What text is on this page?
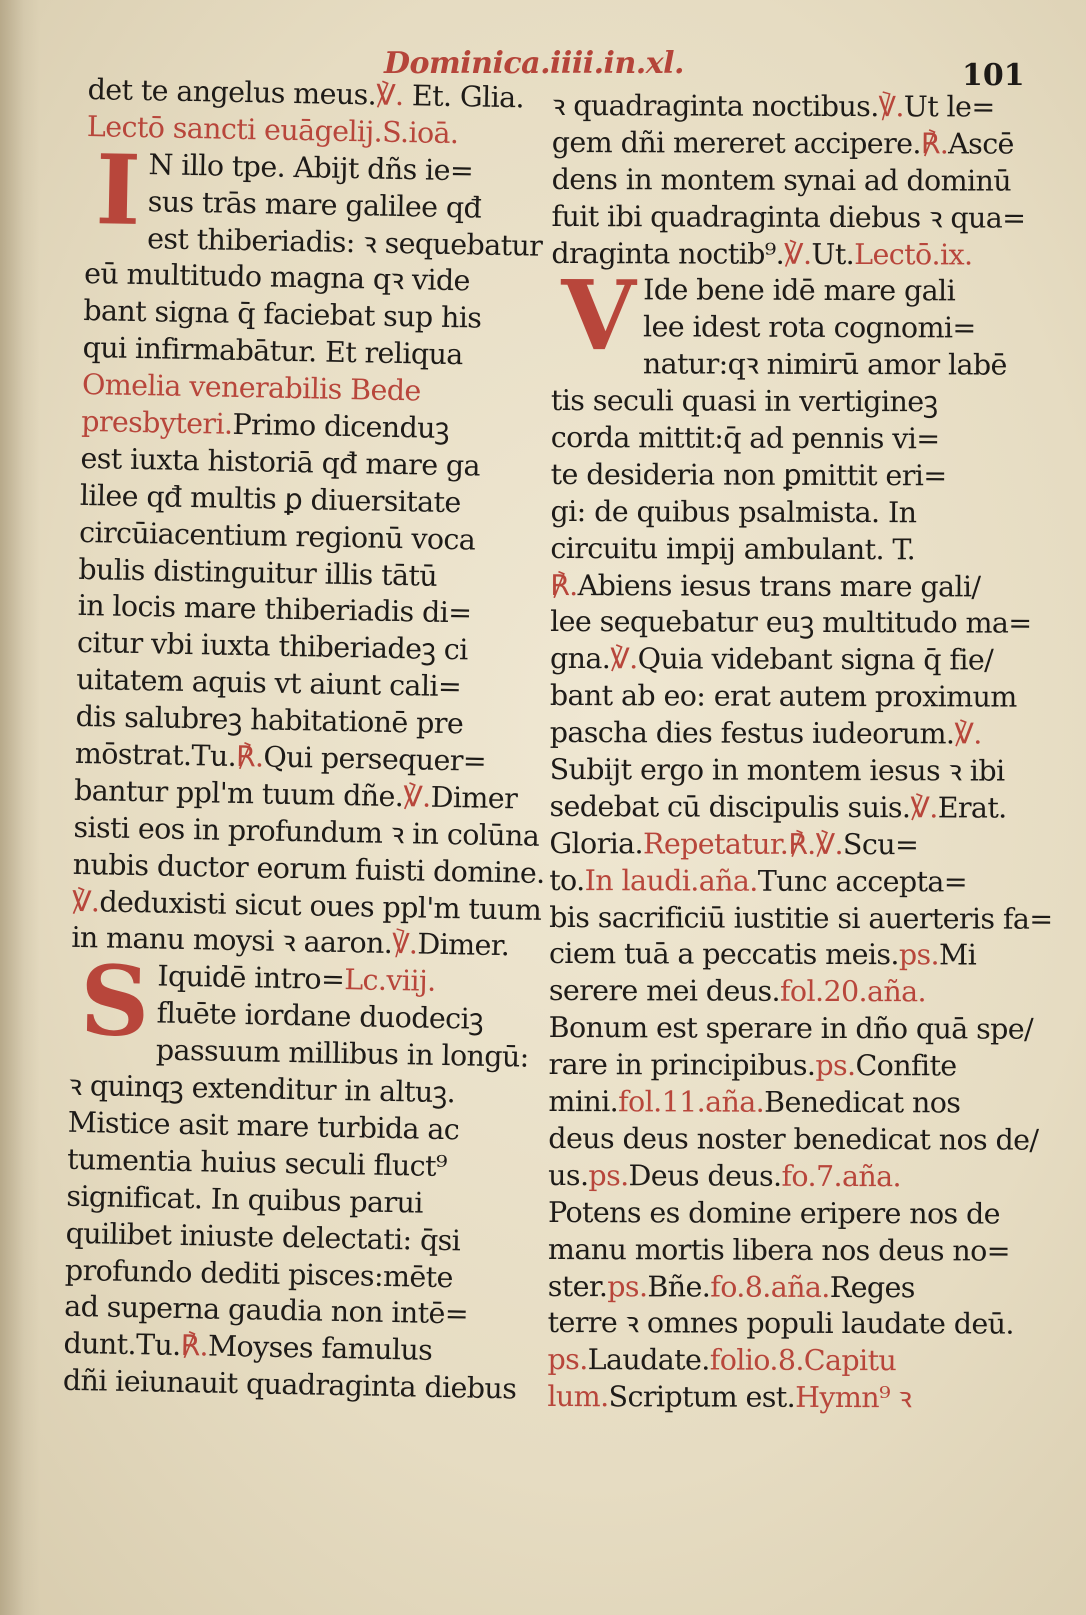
Dominica.iiii.in.xl.	101
det te angelus meus.℣. Et. Glia.
Lectō sancti euāgelij.S.ioā.
I N illo tpe. Abijt dñs ie=
sus trās mare galilee qđ
est thiberiadis: ꝛ sequebatur
eū multitudo magna qꝛ vide
bant signa q̄ faciebat sup his
qui infirmabātur. Et reliqua
Omelia venerabilis Bede
presbyteri.Primo dicenduꝫ
est iuxta historiā qđ mare ga
lilee qđ multis ꝑ diuersitate
circūiacentium regionū voca
bulis distinguitur illis tātū
in locis mare thiberiadis di=
citur vbi iuxta thiberiadeꝫ ci
uitatem aquis vt aiunt cali=
dis salubreꝫ habitationē pre
mōstrat.Tu.℟.Qui persequer=
bantur ppl'm tuum dñe.℣.Dimer
sisti eos in profundum ꝛ in colūna
nubis ductor eorum fuisti domine.
℣.deduxisti sicut oues ppl'm tuum
in manu moysi ꝛ aaron.℣.Dimer.
S Iquidē intro=Lc.viij.
fluēte iordane duodeciꝫ
passuum millibus in longū:
ꝛ quinqꝫ extenditur in altuꝫ.
Mistice asit mare turbida ac
tumentia huius seculi fluct⁹
significat. In quibus parui
quilibet iniuste delectati: q̄si
profundo dediti pisces:mēte
ad superna gaudia non intē=
dunt.Tu.℟.Moyses famulus
dñi ieiunauit quadraginta diebus
ꝛ quadraginta noctibus.℣.Ut le=
gem dñi mereret accipere.℟.Ascē
dens in montem synai ad dominū
fuit ibi quadraginta diebus ꝛ qua=
draginta noctib⁹.℣.Ut.Lectō.ix.
V Ide bene idē mare gali
lee idest rota cognomi=
natur:qꝛ nimirū amor labē
tis seculi quasi in vertigineꝫ
corda mittit:q̄ ad pennis vi=
te desideria non ꝑmittit eri=
gi: de quibus psalmista. In
circuitu impij ambulant. T.
℟.Abiens iesus trans mare gali/
lee sequebatur euꝫ multitudo ma=
gna.℣.Quia videbant signa q̄ fie/
bant ab eo: erat autem proximum
pascha dies festus iudeorum.℣.
Subijt ergo in montem iesus ꝛ ibi
sedebat cū discipulis suis.℣.Erat.
Gloria.Repetatur.℟.℣.Scu=
to.In laudi.aña.Tunc accepta=
bis sacrificiū iustitie si auerteris fa=
ciem tuā a peccatis meis.ps.Mi
serere mei deus.fol.20.aña.
Bonum est sperare in dño quā spe/
rare in principibus.ps.Confite
mini.fol.11.aña.Benedicat nos
deus deus noster benedicat nos de/
us.ps.Deus deus.fo.7.aña.
Potens es domine eripere nos de
manu mortis libera nos deus no=
ster.ps.Bñe.fo.8.aña.Reges
terre ꝛ omnes populi laudate deū.
ps.Laudate.folio.8.Capitu
lum.Scriptum est.Hymn⁹ ꝛ
